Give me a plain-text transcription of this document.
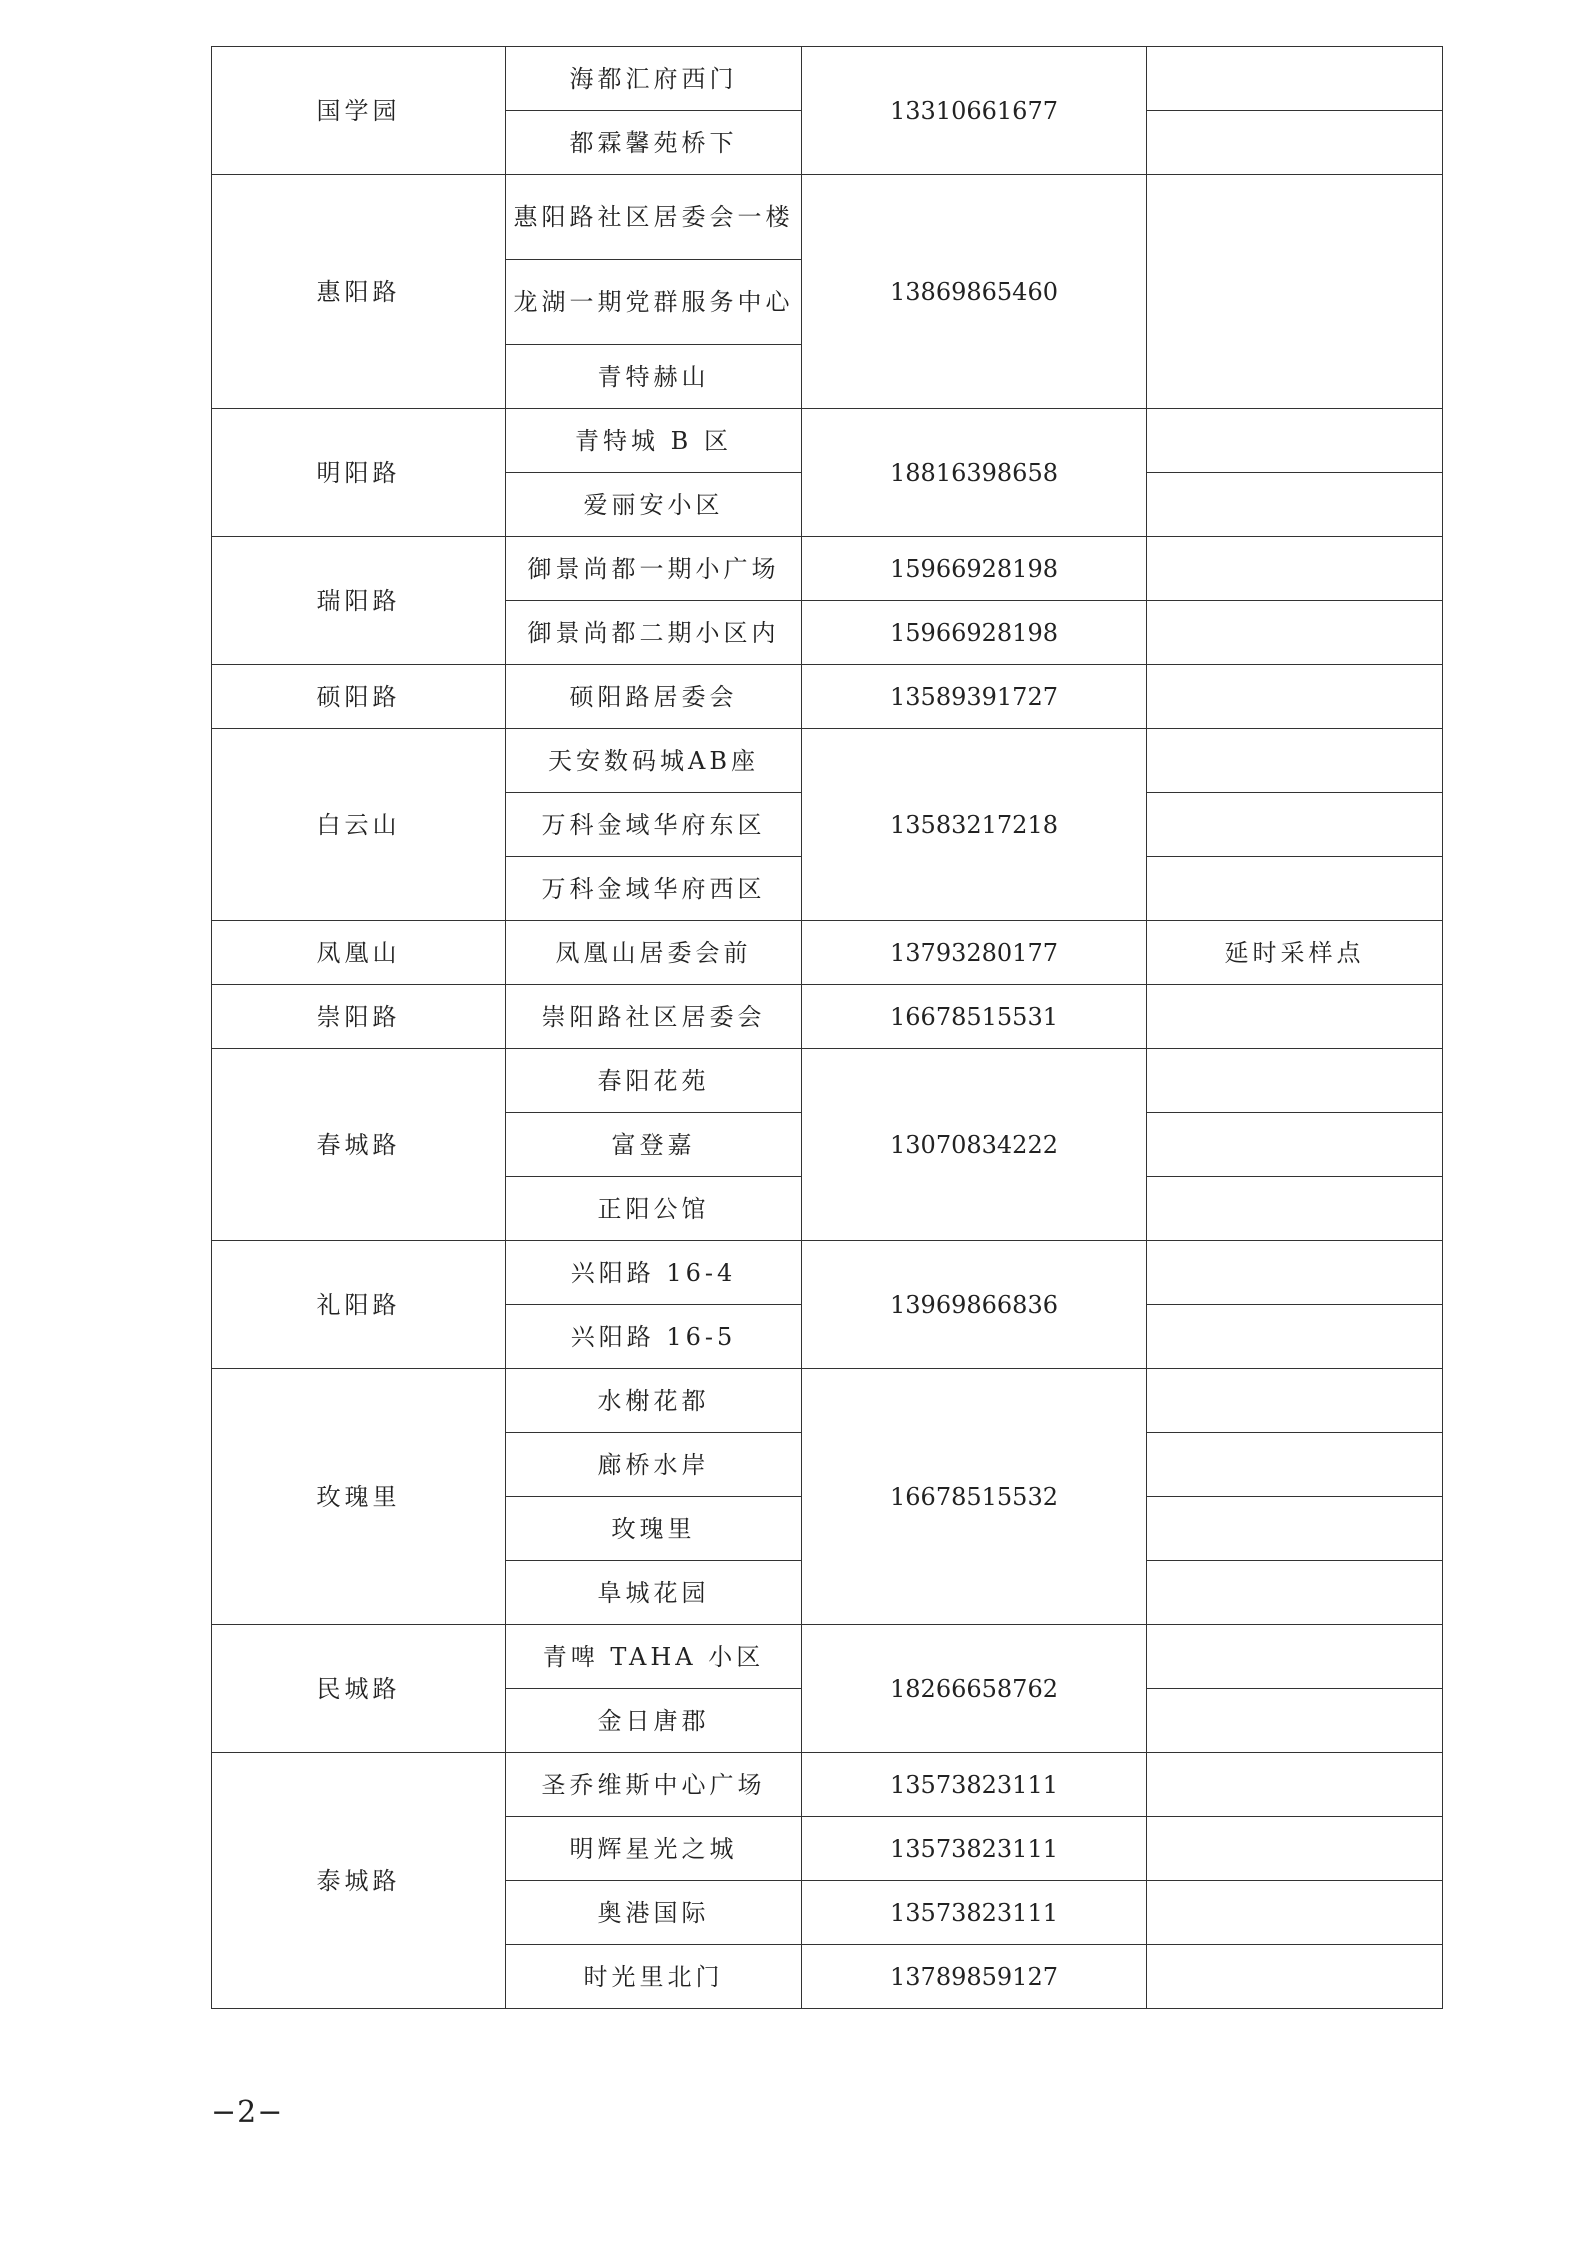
国学园	海都汇府西门	13310661677	
	都霖馨苑桥下		
惠阳路	惠阳路社区居委会一楼	13869865460	
	龙湖一期党群服务中心		
	青特赫山		
明阳路	青特城 B 区	18816398658	
	爱丽安小区		
瑞阳路	御景尚都一期小广场	15966928198	
	御景尚都二期小区内	15966928198	
硕阳路	硕阳路居委会	13589391727	
白云山	天安数码城AB座	13583217218	
	万科金域华府东区		
	万科金域华府西区		
凤凰山	凤凰山居委会前	13793280177	延时采样点
崇阳路	崇阳路社区居委会	16678515531	
春城路	春阳花苑	13070834222	
	富登嘉		
	正阳公馆		
礼阳路	兴阳路 16-4	13969866836	
	兴阳路 16-5		
玫瑰里	水榭花都	16678515532	
	廊桥水岸		
	玫瑰里		
	阜城花园		
民城路	青啤 TAHA 小区	18266658762	
	金日唐郡		
泰城路	圣乔维斯中心广场	13573823111	
	明辉星光之城	13573823111	
	奥港国际	13573823111	
	时光里北门	13789859127	
−2−
